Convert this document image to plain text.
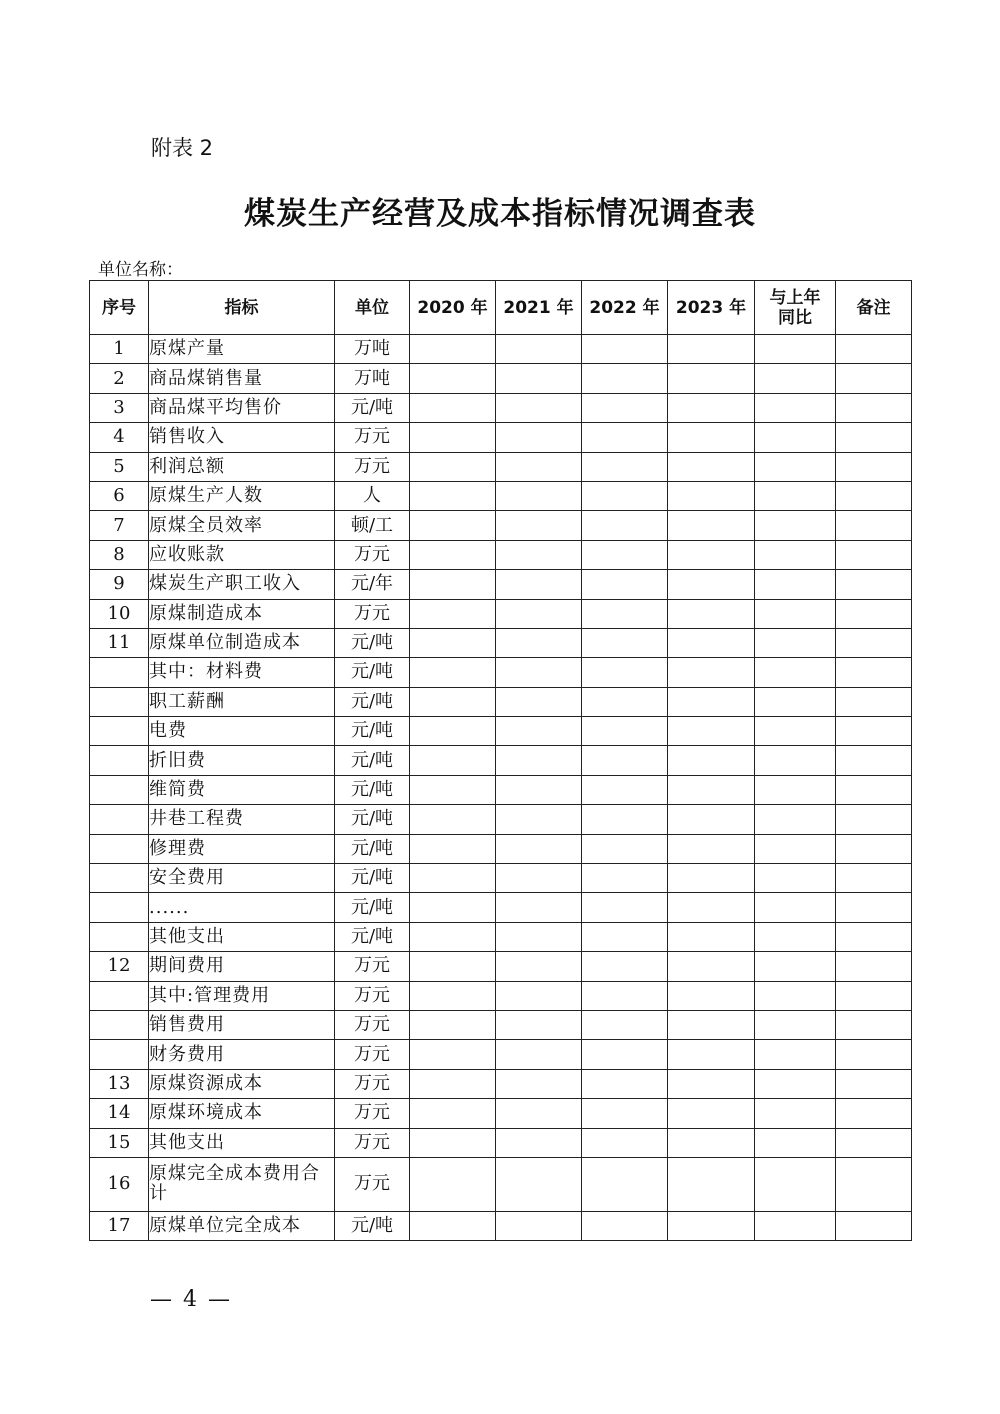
附表 2
煤炭生产经营及成本指标情况调查表
单位名称：
序号	指标	单位	2020 年	2021 年	2022 年	2023 年	与上年同比	备注
1	原煤产量	万吨						
2	商品煤销售量	万吨						
3	商品煤平均售价	元/吨						
4	销售收入	万元						
5	利润总额	万元						
6	原煤生产人数	人						
7	原煤全员效率	顿/工						
8	应收账款	万元						
9	煤炭生产职工收入	元/年						
10	原煤制造成本	万元						
11	原煤单位制造成本	元/吨						
	其中：材料费	元/吨						
	职工薪酬	元/吨						
	电费	元/吨						
	折旧费	元/吨						
	维简费	元/吨						
	井巷工程费	元/吨						
	修理费	元/吨						
	安全费用	元/吨						
	......	元/吨						
	其他支出	元/吨						
12	期间费用	万元						
	其中:管理费用	万元						
	销售费用	万元						
	财务费用	万元						
13	原煤资源成本	万元						
14	原煤环境成本	万元						
15	其他支出	万元						
16	原煤完全成本费用合计	万元						
17	原煤单位完全成本	元/吨						
— 4 —
